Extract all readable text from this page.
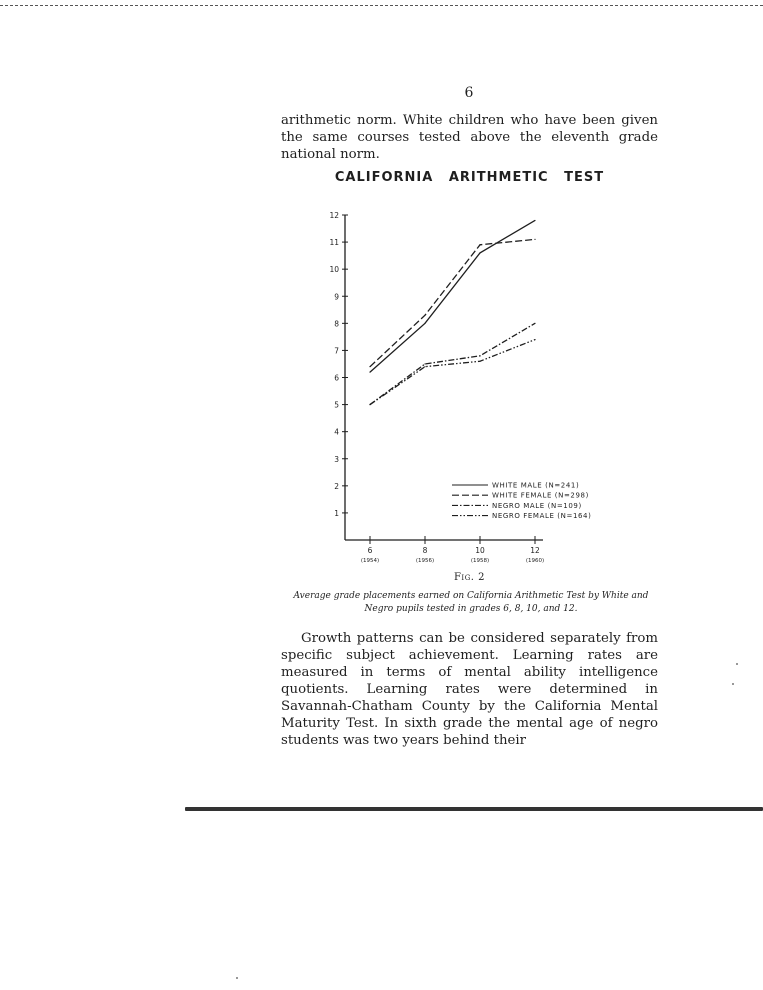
6

arithmetic norm. White children who have been given the same courses tested above the eleventh grade national norm.

CALIFORNIA ARITHMETIC TEST
1
2
3
4
5
6
7
8
9
10
11
12
6
(1954)
8
(1956)
10
(1958)
12
(1960)
WHITE MALE (N=241)
WHITE FEMALE (N=298)
NEGRO MALE (N=109)
NEGRO FEMALE (N=164)
Fig. 2

Average grade placements earned on California Arithmetic Test by White and Negro pupils tested in grades 6, 8, 10, and 12.

Growth patterns can be considered separately from specific subject achievement. Learning rates are measured in terms of mental ability intelligence quotients. Learning rates were determined in Savannah-Chatham County by the California Mental Maturity Test. In sixth grade the mental age of negro students was two years behind their
